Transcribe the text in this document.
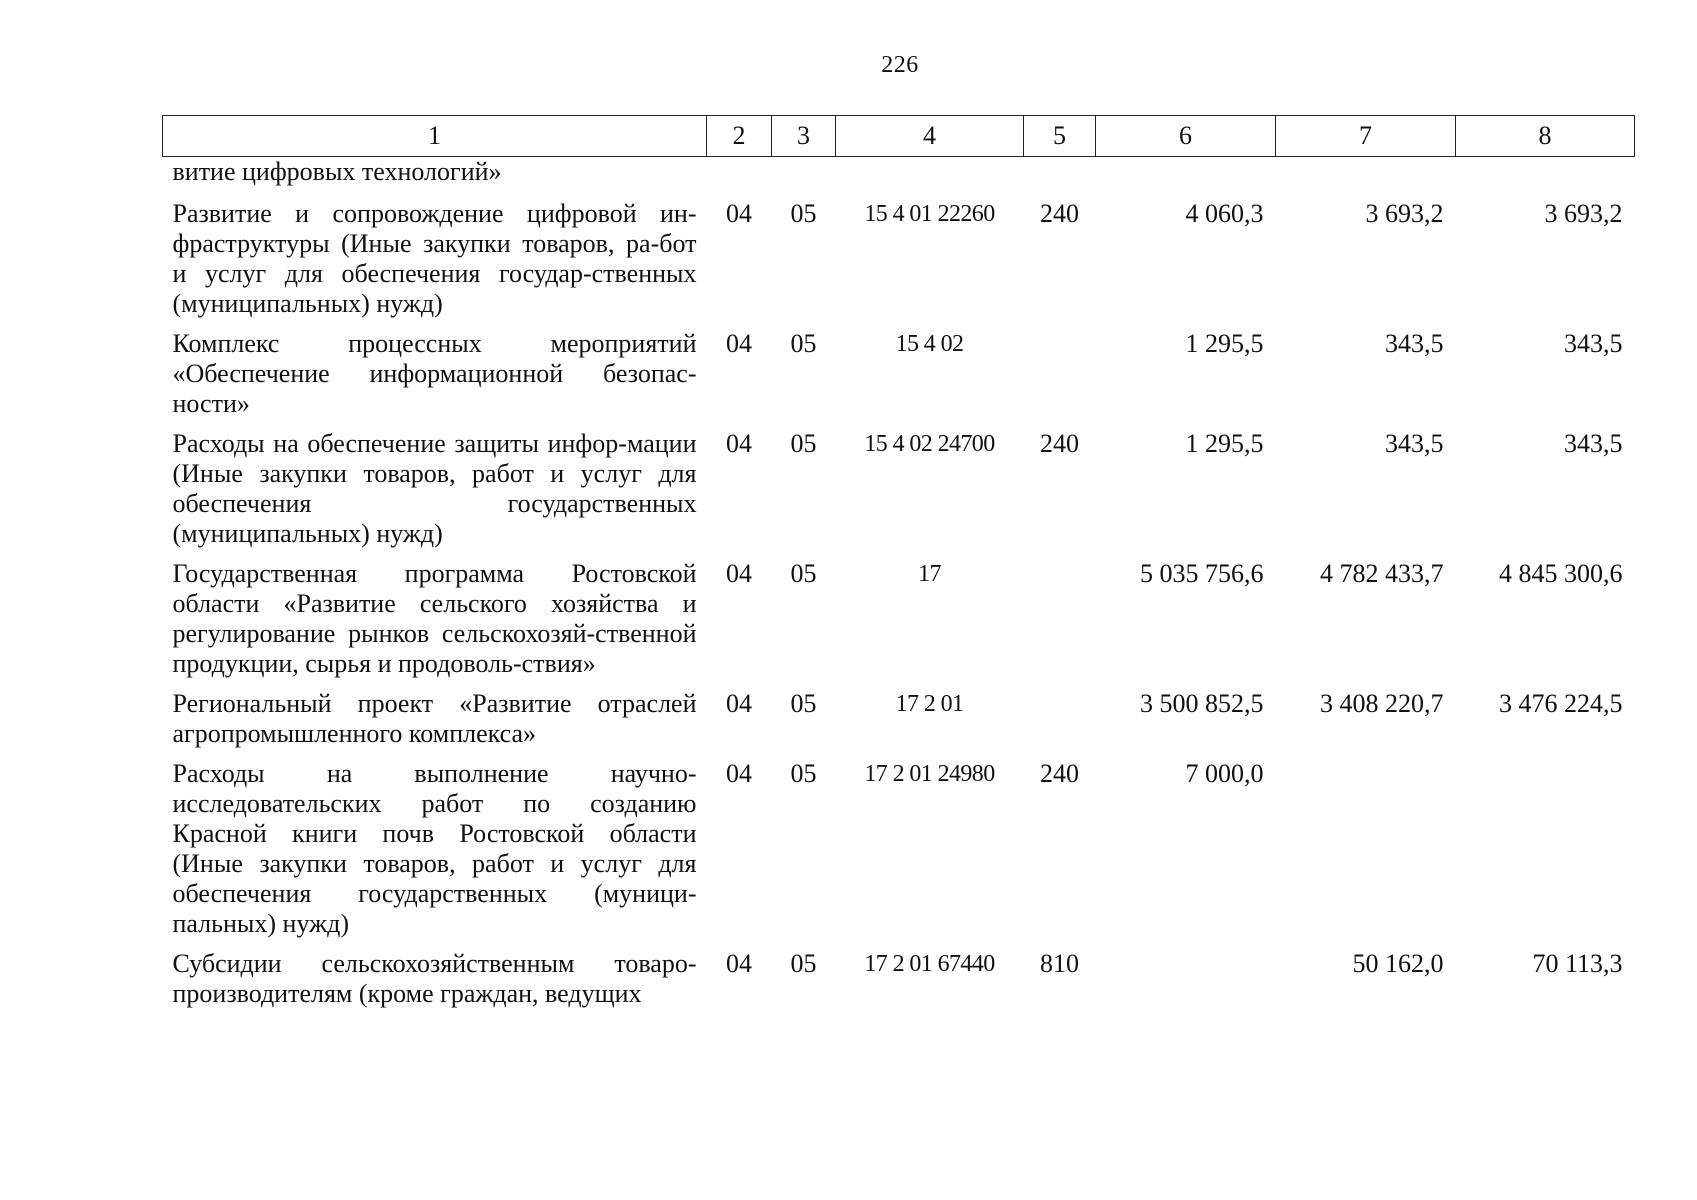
226
1	2	3	4	5	6	7	8
витие цифровых технологий»							
Развитие и сопровождение цифровой ин-фраструктуры (Иные закупки товаров, ра-бот и услуг для обеспечения государ-ственных (муниципальных) нужд)	04	05	15 4 01 22260	240	4 060,3	3 693,2	3 693,2
Комплекс процессных мероприятий «Обеспечение информационной безопас-ности»	04	05	15 4 02		1 295,5	343,5	343,5
Расходы на обеспечение защиты инфор-мации (Иные закупки товаров, работ и услуг для обеспечения государственных (муниципальных) нужд)	04	05	15 4 02 24700	240	1 295,5	343,5	343,5
Государственная программа Ростовской области «Развитие сельского хозяйства и регулирование рынков сельскохозяй-ственной продукции, сырья и продоволь-ствия»	04	05	17		5 035 756,6	4 782 433,7	4 845 300,6
Региональный проект «Развитие отраслей агропромышленного комплекса»	04	05	17 2 01		3 500 852,5	3 408 220,7	3 476 224,5
Расходы на выполнение научно-исследовательских работ по созданию Красной книги почв Ростовской области (Иные закупки товаров, работ и услуг для обеспечения государственных (муници-пальных) нужд)	04	05	17 2 01 24980	240	7 000,0		
Субсидии сельскохозяйственным товаро-производителям (кроме граждан, ведущих	04	05	17 2 01 67440	810		50 162,0	70 113,3
